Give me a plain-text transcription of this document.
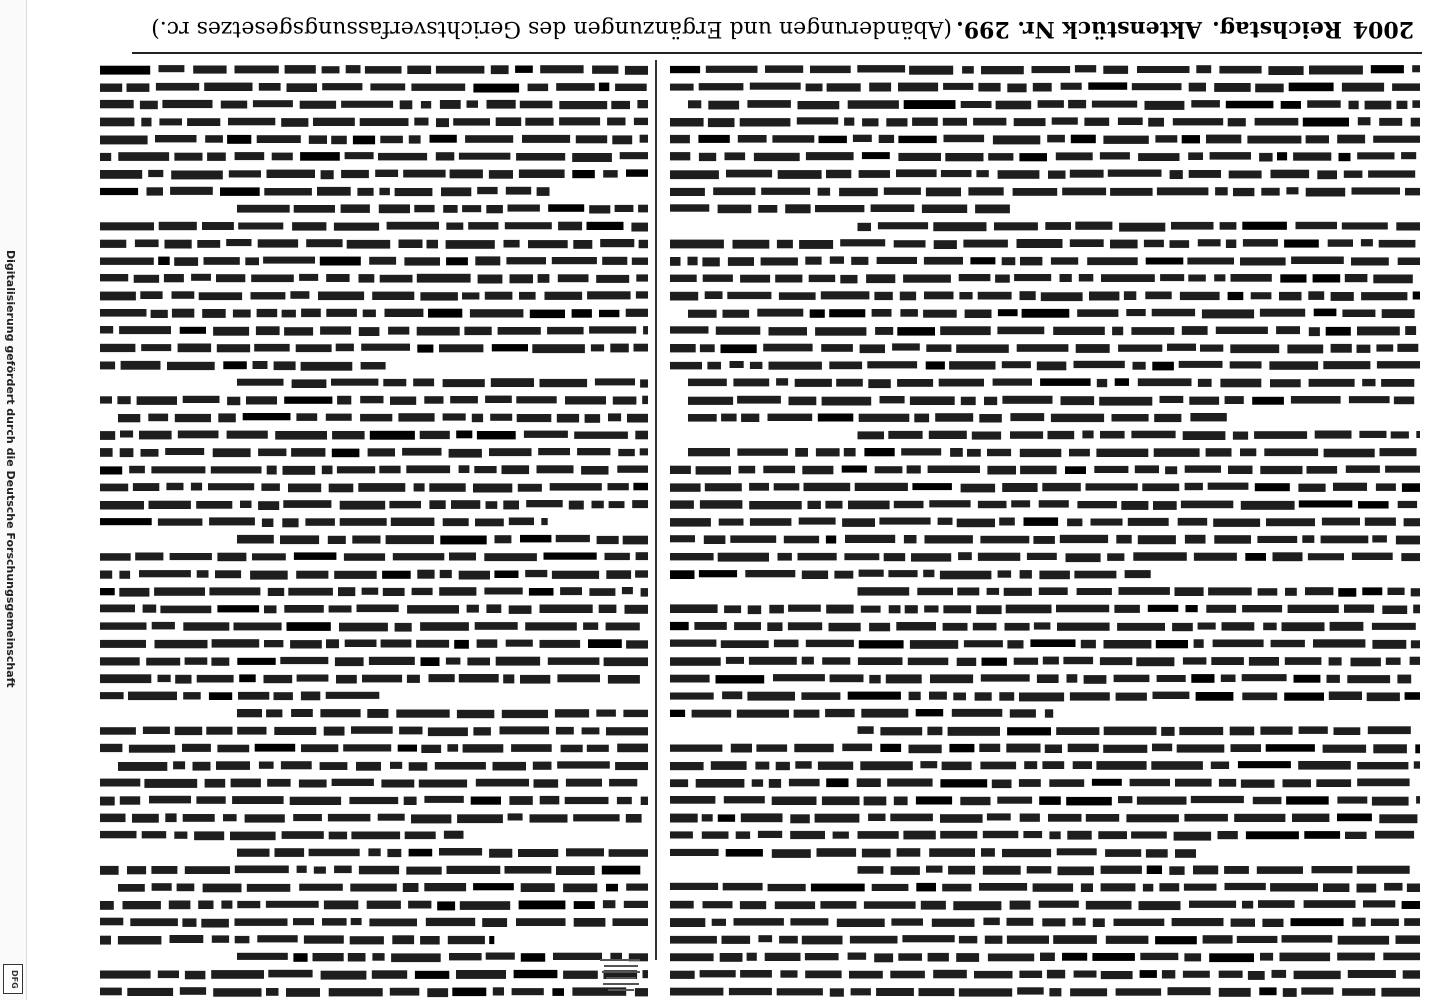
Digitalisierung gefördert durch die Deutsche Forschungsgemeinschaft
DFG
2004
Reichstag.
Aktenstück Nr. 299.
(Abänderungen und Ergänzungen des Gerichtsverfassungsgesetzes rc.)
